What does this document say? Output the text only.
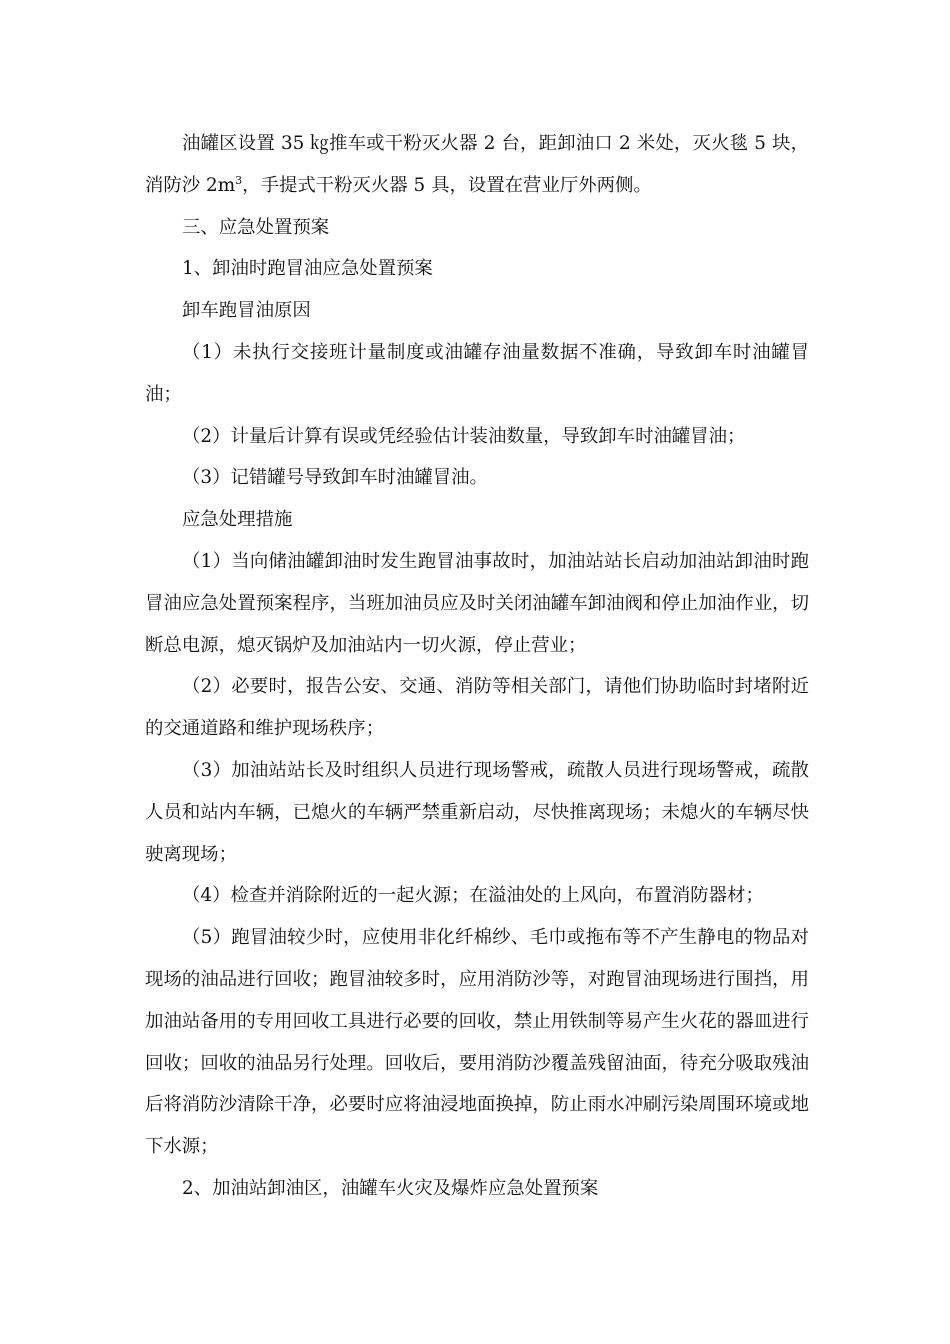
油罐区设置 35 ㎏推车或干粉灭火器 2 台，距卸油口 2 米处，灭火毯 5 块，消防沙 $2m^3$，手提式干粉灭火器 5 具，设置在营业厅外两侧。

三、应急处置预案

1、卸油时跑冒油应急处置预案

卸车跑冒油原因

（1）未执行交接班计量制度或油罐存油量数据不准确，导致卸车时油罐冒油；

（2）计量后计算有误或凭经验估计装油数量，导致卸车时油罐冒油；

（3）记错罐号导致卸车时油罐冒油。

应急处理措施

（1）当向储油罐卸油时发生跑冒油事故时，加油站站长启动加油站卸油时跑冒油应急处置预案程序，当班加油员应及时关闭油罐车卸油阀和停止加油作业，切断总电源，熄灭锅炉及加油站内一切火源，停止营业；

（2）必要时，报告公安、交通、消防等相关部门，请他们协助临时封堵附近的交通道路和维护现场秩序；

（3）加油站站长及时组织人员进行现场警戒，疏散人员进行现场警戒，疏散人员和站内车辆，已熄火的车辆严禁重新启动，尽快推离现场；未熄火的车辆尽快驶离现场；

（4）检查并消除附近的一起火源；在溢油处的上风向，布置消防器材；

（5）跑冒油较少时，应使用非化纤棉纱、毛巾或拖布等不产生静电的物品对现场的油品进行回收；跑冒油较多时，应用消防沙等，对跑冒油现场进行围挡，用加油站备用的专用回收工具进行必要的回收，禁止用铁制等易产生火花的器皿进行回收；回收的油品另行处理。回收后，要用消防沙覆盖残留油面，待充分吸取残油后将消防沙清除干净，必要时应将油浸地面换掉，防止雨水冲刷污染周围环境或地下水源；

2、加油站卸油区，油罐车火灾及爆炸应急处置预案
